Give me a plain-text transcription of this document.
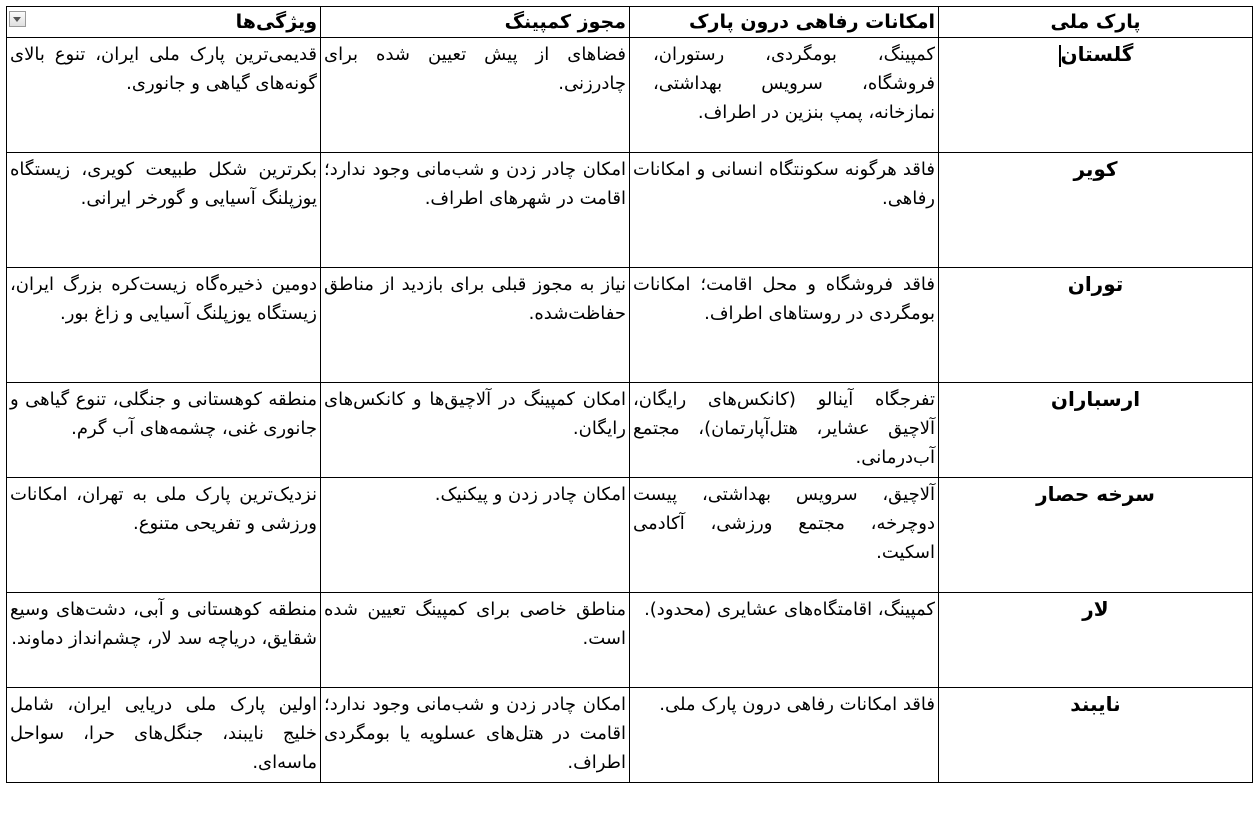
پارک ملی	امکانات رفاهی درون پارک	مجوز کمپینگ	ویژگی‌ها
گلستان	کمپینگ، بومگردی، رستوران، فروشگاه، سرویس بهداشتی، نمازخانه، پمپ بنزین در اطراف.	فضاهای از پیش تعیین شده برای چادرزنی.	قدیمی‌ترین پارک ملی ایران، تنوع بالای گونه‌های گیاهی و جانوری.

کویر	فاقد هرگونه سکونتگاه انسانی و امکانات رفاهی.	امکان چادر زدن و شب‌مانی وجود ندارد؛ اقامت در شهرهای اطراف.	بکرترین شکل طبیعت کویری، زیستگاه یوزپلنگ آسیایی و گورخر ایرانی.

توران	فاقد فروشگاه و محل اقامت؛ امکانات بومگردی در روستاهای اطراف.	نیاز به مجوز قبلی برای بازدید از مناطق حفاظت‌شده.	دومین ذخیره‌گاه زیست‌کره بزرگ ایران، زیستگاه یوزپلنگ آسیایی و زاغ بور.

ارسباران	تفرجگاه آینالو (کانکس‌های رایگان، آلاچیق عشایر، هتل‌آپارتمان)، مجتمع آب‌درمانی.	امکان کمپینگ در آلاچیق‌ها و کانکس‌های رایگان.	منطقه کوهستانی و جنگلی، تنوع گیاهی و جانوری غنی، چشمه‌های آب گرم.

سرخه حصار	آلاچیق، سرویس بهداشتی، پیست دوچرخه، مجتمع ورزشی، آکادمی اسکیت.	امکان چادر زدن و پیکنیک.	نزدیک‌ترین پارک ملی به تهران، امکانات ورزشی و تفریحی متنوع.

لار	کمپینگ، اقامتگاه‌های عشایری (محدود).	مناطق خاصی برای کمپینگ تعیین شده است.	منطقه کوهستانی و آبی، دشت‌های وسیع شقایق، دریاچه سد لار، چشم‌انداز دماوند.

نایبند	فاقد امکانات رفاهی درون پارک ملی.	امکان چادر زدن و شب‌مانی وجود ندارد؛ اقامت در هتل‌های عسلویه یا بومگردی اطراف.	اولین پارک ملی دریایی ایران، شامل خلیج نایبند، جنگل‌های حرا، سواحل ماسه‌ای.
